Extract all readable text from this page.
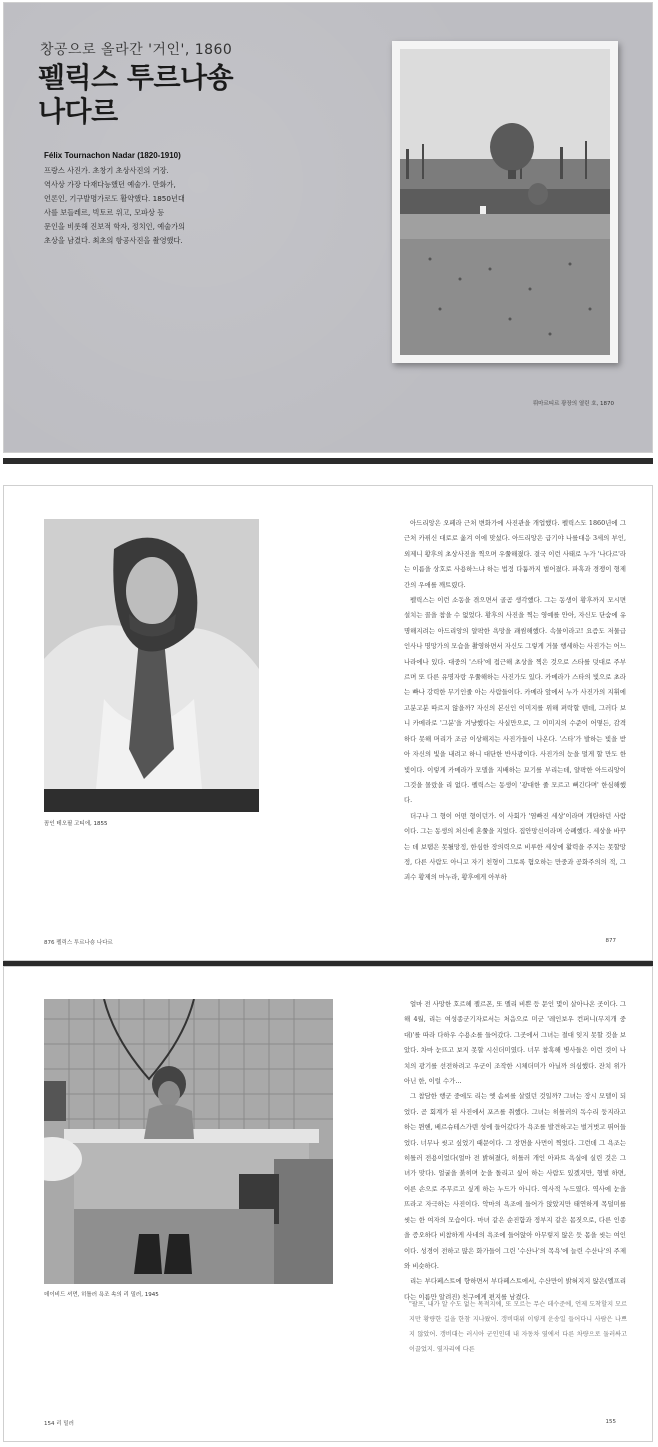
창공으로 올라간 '거인', 1860
펠릭스 투르나숑
나다르
Félix Tournachon Nadar (1820-1910)
프랑스 사진가. 초창기 초상사진의 거장.
역사상 가장 다재다능했던 예술가. 만화가,
언론인, 기구발명가로도 활약했다. 1850년대
사를 보들레르, 빅토르 위고, 모파상 등
문인을 비롯해 진보적 학자, 정치인, 예술가의
초상을 남겼다. 최초의 항공사진을 촬영했다.
뤼마르티르 광장의 열린 호, 1870
꼼인 테오필 고티에, 1855

아드리앙은 오페라 근처 변화가에 사진관을 개업했다. 펠릭스도 1860년에 그 근처 카퓌신 대로로 옮겨 이에 맞섰다. 아드리앙은 급기야 나를대응 3세의 부인, 외제니 황후의 초상사진을 찍으며 우쭐해졌다. 결국 이런 사태로 누가 '나다르'라는 이름을 상호로 사용하느냐 하는 법정 다툼까지 벌어졌다. 파혹과 경쟁이 형제간의 우애를 깨트렸다.

펠릭스는 이런 소동을 겪으면서 골곰 생각했다. 그는 동생이 황후까지 모시면 설치는 꼴을 참을 수 없었다. 황후의 사진을 찍는 영예를 안아, 자신도 단숨에 유명해지려는 아드리앙의 얄팍한 욕망을 괘씸해했다. 속물이라고! 요즘도 저물급 인사나 명망가의 모습을 촬영하면서 자신도 그렇게 거물 행세하는 사진가는 어느 나라에나 있다. 대중의 '스타'에 접근해 초상을 찍은 것으로 스타를 덧대로 주부르며 또 다른 유명자랑 우쭐해하는 사진가도 있다. 카메라가 스타의 빛으로 초라는 빠나 강력한 무기인줄 아는 사람들이다. 카메라 앞에서 누가 사진가의 지휘에 고분고분 따르지 않을까? 자신의 본신인 이미지를 위해 펴락할 텐데, 그러다 보니 카메라로 '그분'을 겨냥했다는 사실만으로, 그 이미지의 수준이 어떻든, 감격하다 못해 머리가 조금 이상해지는 사진가들이 나온다. '스타'가 발하는 빛을 받아 자신의 빛을 내려고 하니 대단한 반사광이다. 사진가의 눈을 멀게 할 만도 한 빛이다. 이렇게 카메라가 모델을 지배하는 묘기를 부리는데, 얄팍한 아드리앙이 그것을 몰랐을 리 없다. 펠릭스는 동생이 '광대한 줄 모르고 뻐긴다며' 한심해했다.

더구나 그 형이 어떤 형이던가. 이 사회가 '염빠진 세상'이라며 개탄하던 사람이다. 그는 동생의 처신에 혼쭐을 지었다. 집안망신이라며 승폐했다. 세상을 바꾸는 데 보탬은 못될망정, 한심한 장의력으로 비루한 세상에 활력을 주지는 못할망정, 다른 사람도 아니고 자기 친형이 그토록 혐오하는 만중과 공화주의의 적, 그 괴수 황제의 마누라, 황후에게 아부하

876 펠릭스 투르나숑 나다르	877
데이비드 셔먼, 히틀러 욕조 속의 리 밀러, 1945

얼마 전 사망한 호르헤 젤르폰, 또 멜리 비쁜 등 문인 몇이 살아나온 곳이다. 그 해 4월, 리는 여성종군기자로서는 처음으로 미군 '레인보우 컨퍼니(무지개 중대)'를 따라 다하우 수용소를 들어갔다. 그곳에서 그녀는 절대 잊지 못할 것을 보았다. 차마 눈뜨고 보지 못할 시신더미였다. 너무 참혹해 병사들은 이런 것이 나치의 광기를 선전하려고 우군이 조작한 시체더미가 아닐까 의심했다. 잔치 위가 아닌 한, 이럴 수가...

그 참담한 행군 중에도 리는 옛 솜씨를 살렸던 것일까? 그녀는 장시 모델이 되었다. 곧 회계가 된 사진에서 포즈를 취했다. 그녀는 히틀러의 독수리 둥지라고 하는 뮌헨, 베르슈테스가덴 성에 들어갔다가 욕조를 발견하고는 벌거벗고 뛰어들었다. 너무나 씻고 싶었기 때문이다. 그 장면을 사먼이 찍었다. 그런데 그 욕조는 히틀러 전용이었다(얼마 전 밝혀졌다, 히틀러 개인 아파트 욕실에 실린 것은 그녀가 맞다). 얼굴을 붉히며 눈을 돌리고 싶어 하는 사람도 있겠지만, 형벌 하면, 이른 손으로 주무르고 싶게 하는 누드가 아니다. 역사적 누드였다. 역사에 눈을 뜨라고 자극하는 사진이다. 악마의 욕조에 들어가 앉았지만 태연하게 목덜미를 씻는 한 여자의 모습이다. 마녀 같은 순진함과 정부지 같은 몸짓으로, 다른 인종을 증오하다 비참하게 사네의 욕조에 들어앉아 아무렇지 않은 듯 몸을 씻는 여인이다. 성경이 전하고 많은 화가들이 그린 '수산나'의 목욕'에 늘린 수산나'의 주제와 비슷하다.

리는 부다페스트에 향하면서 부다페스트에서, 수산만이 밝혀지지 않은(엘프리다는 이름만 알려진) 친구에게 편지를 남겼다.

"팔프, 내가 알 수도 없는 목적지에, 또 모르는 무슨 데수준에, 언제 도착할지 모르지만 황량한 길을 한참 지나왔어. 갱비대위 이렇게 운송일 들어다니 사람은 나쁘지 않았어. 갱비대는 러시아 군인인데 내 자동차 옆에서 다른 차량으로 둘러싸고 이끌었지. 옆자리에 다른

154 리 밀러	155
